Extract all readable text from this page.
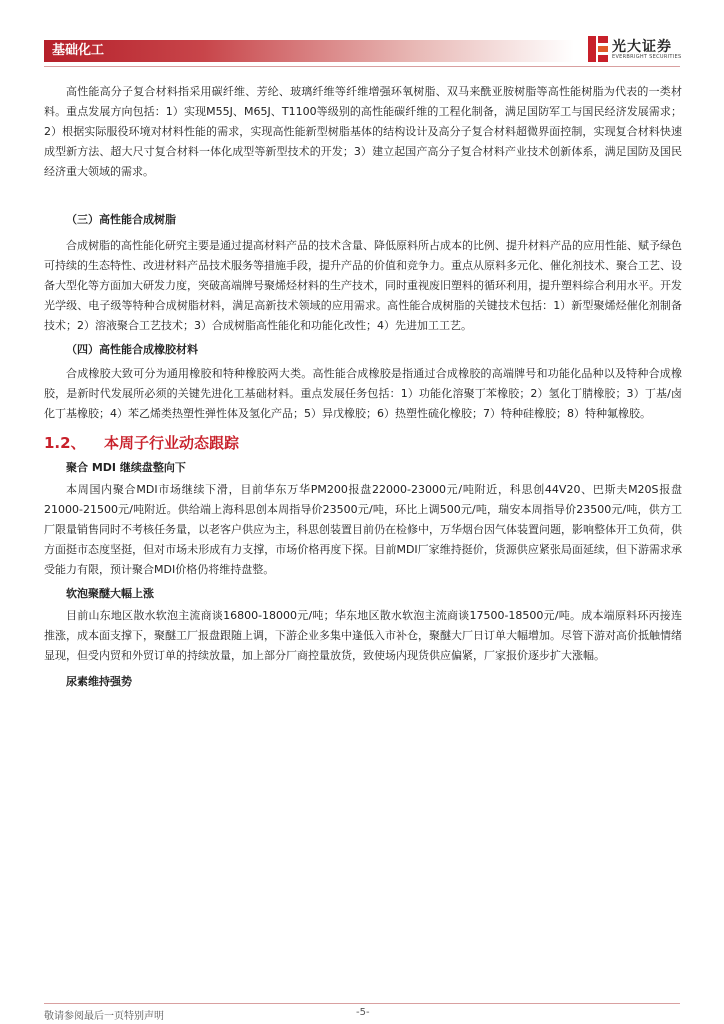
基础化工	光大证券
EVERBRIGHT SECURITIES

高性能高分子复合材料指采用碳纤维、芳纶、玻璃纤维等纤维增强环氧树脂、双马来酰亚胺树脂等高性能树脂为代表的一类材料。重点发展方向包括：1）实现M55J、M65J、T1100等级别的高性能碳纤维的工程化制备，满足国防军工与国民经济发展需求；2）根据实际服役环境对材料性能的需求，实现高性能新型树脂基体的结构设计及高分子复合材料超微界面控制，实现复合材料快速成型新方法、超大尺寸复合材料一体化成型等新型技术的开发；3）建立起国产高分子复合材料产业技术创新体系，满足国防及国民经济重大领域的需求。

（三）高性能合成树脂

合成树脂的高性能化研究主要是通过提高材料产品的技术含量、降低原料所占成本的比例、提升材料产品的应用性能、赋予绿色可持续的生态特性、改进材料产品技术服务等措施手段，提升产品的价值和竞争力。重点从原料多元化、催化剂技术、聚合工艺、设备大型化等方面加大研发力度，突破高端牌号聚烯烃材料的生产技术，同时重视废旧塑料的循环利用，提升塑料综合利用水平。开发光学级、电子级等特种合成树脂材料，满足高新技术领域的应用需求。高性能合成树脂的关键技术包括：1）新型聚烯烃催化剂制备技术；2）溶液聚合工艺技术；3）合成树脂高性能化和功能化改性；4）先进加工工艺。

（四）高性能合成橡胶材料

合成橡胶大致可分为通用橡胶和特种橡胶两大类。高性能合成橡胶是指通过合成橡胶的高端牌号和功能化品种以及特种合成橡胶，是新时代发展所必须的关键先进化工基础材料。重点发展任务包括：1）功能化溶聚丁苯橡胶；2）氢化丁腈橡胶；3）丁基/卤化丁基橡胶；4）苯乙烯类热塑性弹性体及氢化产品；5）异戊橡胶；6）热塑性硫化橡胶；7）特种硅橡胶；8）特种氟橡胶。

1.2、	本周子行业动态跟踪

聚合 MDI 继续盘整向下

本周国内聚合MDI市场继续下滑，目前华东万华PM200报盘22000-23000元/吨附近，科思创44V20、巴斯夫M20S报盘21000-21500元/吨附近。供给端上海科思创本周指导价23500元/吨，环比上调500元/吨，瑞安本周指导价23500元/吨，供方工厂限量销售同时不考核任务量，以老客户供应为主，科思创装置目前仍在检修中，万华烟台因气体装置问题，影响整体开工负荷，供方面挺市态度坚挺，但对市场未形成有力支撑，市场价格再度下探。目前MDI厂家维持挺价，货源供应紧张局面延续，但下游需求承受能力有限，预计聚合MDI价格仍将维持盘整。

软泡聚醚大幅上涨

目前山东地区散水软泡主流商谈16800-18000元/吨；华东地区散水软泡主流商谈17500-18500元/吨。成本端原料环丙接连推涨，成本面支撑下，聚醚工厂报盘跟随上调，下游企业多集中逢低入市补仓，聚醚大厂日订单大幅增加。尽管下游对高价抵触情绪显现，但受内贸和外贸订单的持续放量，加上部分厂商控量放货，致使场内现货供应偏紧，厂家报价逐步扩大涨幅。

尿素维持强势

敬请参阅最后一页特别声明	-5-
